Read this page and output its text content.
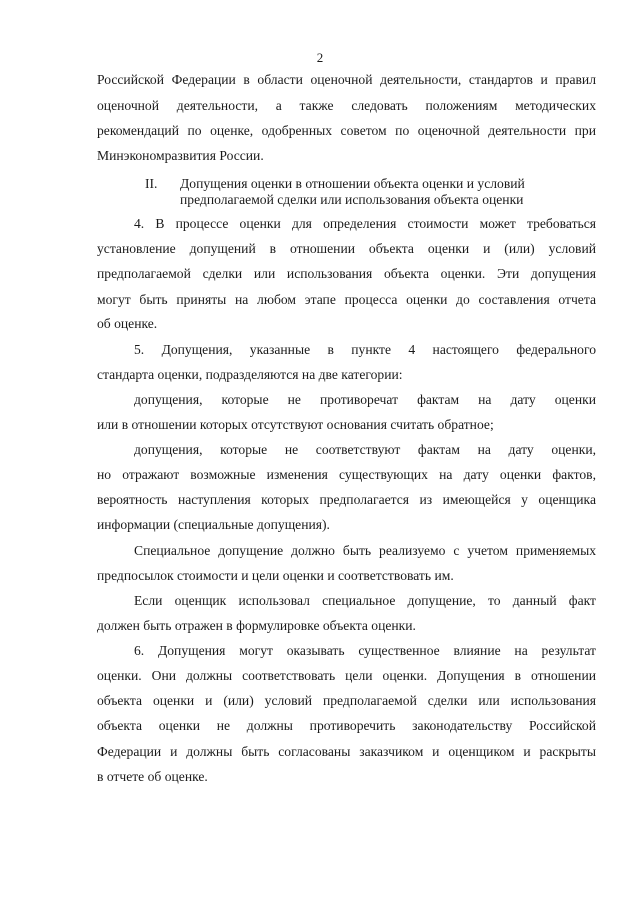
2
Российской Федерации в области оценочной деятельности, стандартов и правил
оценочной деятельности, а также следовать положениям методических
рекомендаций по оценке, одобренных советом по оценочной деятельности при
Минэкономразвития России.
II. Допущения оценки в отношении объекта оценки и условий
предполагаемой сделки или использования объекта оценки
4. В процессе оценки для определения стоимости может требоваться
установление допущений в отношении объекта оценки и (или) условий
предполагаемой сделки или использования объекта оценки. Эти допущения
могут быть приняты на любом этапе процесса оценки до составления отчета
об оценке.
5. Допущения, указанные в пункте 4 настоящего федерального
стандарта оценки, подразделяются на две категории:
допущения, которые не противоречат фактам на дату оценки
или в отношении которых отсутствуют основания считать обратное;
допущения, которые не соответствуют фактам на дату оценки,
но отражают возможные изменения существующих на дату оценки фактов,
вероятность наступления которых предполагается из имеющейся у оценщика
информации (специальные допущения).
Специальное допущение должно быть реализуемо с учетом применяемых
предпосылок стоимости и цели оценки и соответствовать им.
Если оценщик использовал специальное допущение, то данный факт
должен быть отражен в формулировке объекта оценки.
6. Допущения могут оказывать существенное влияние на результат
оценки. Они должны соответствовать цели оценки. Допущения в отношении
объекта оценки и (или) условий предполагаемой сделки или использования
объекта оценки не должны противоречить законодательству Российской
Федерации и должны быть согласованы заказчиком и оценщиком и раскрыты
в отчете об оценке.
